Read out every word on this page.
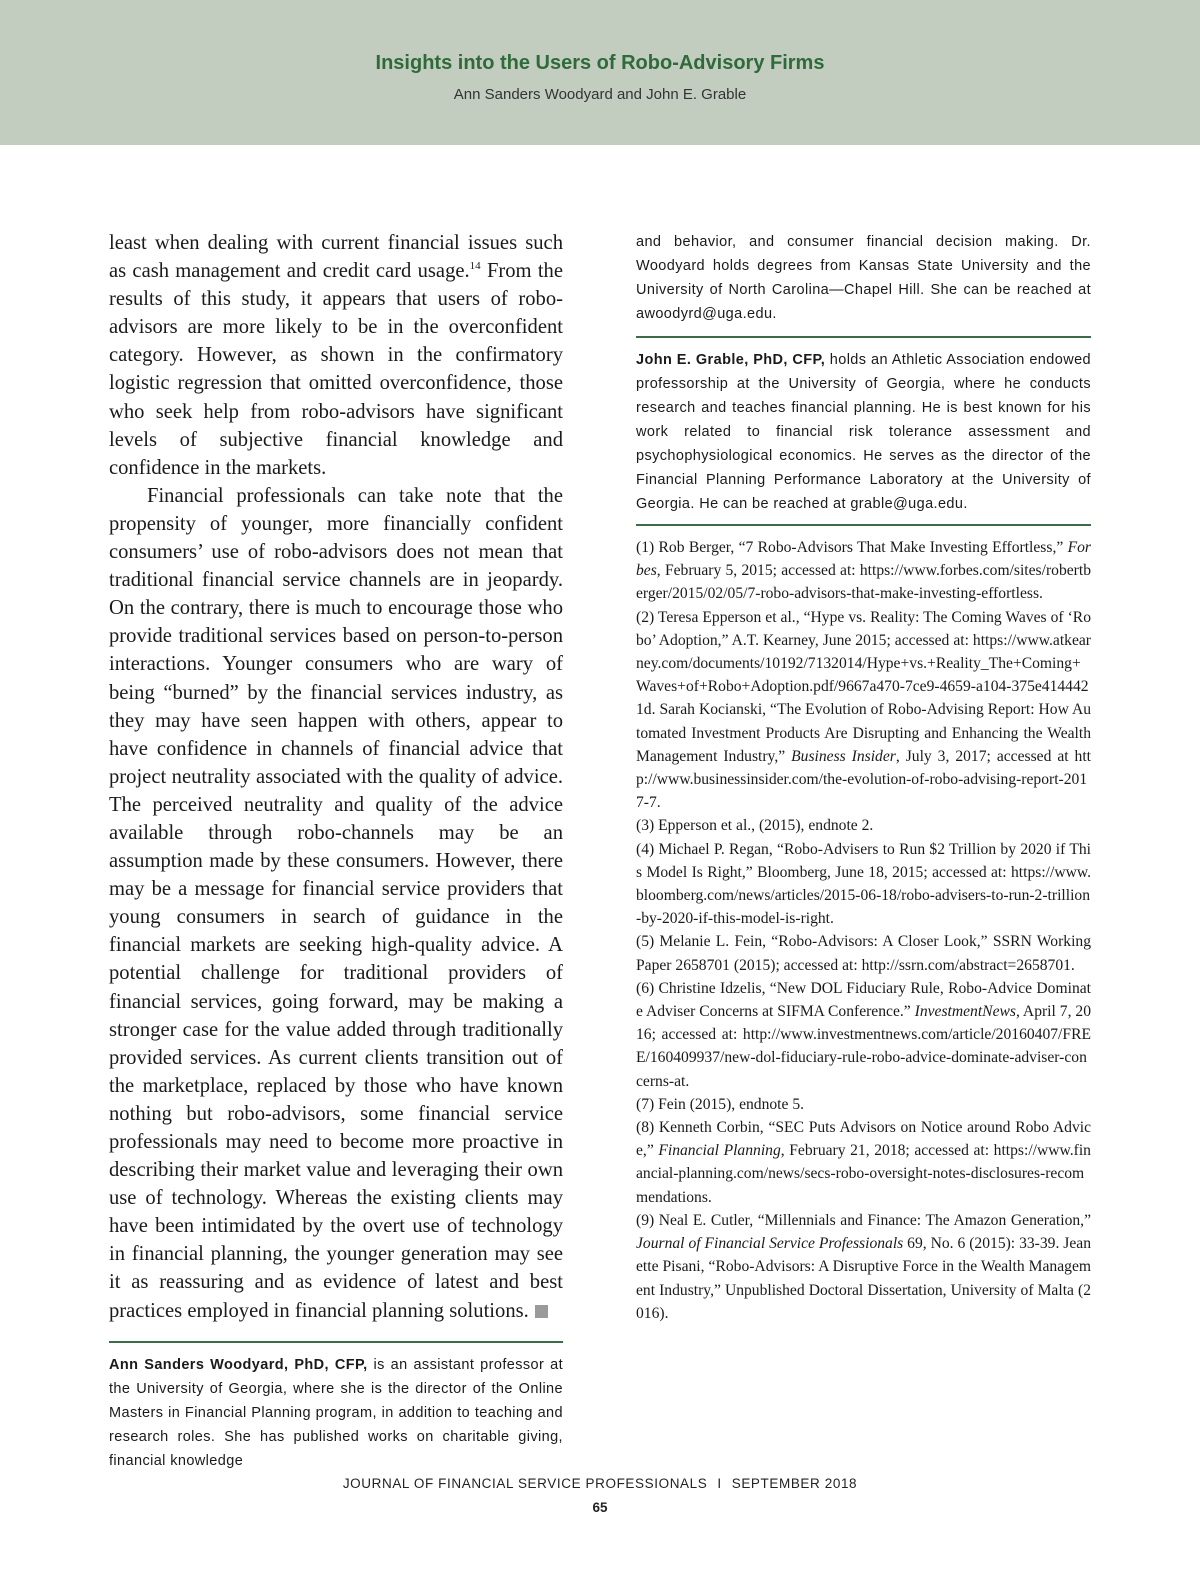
Insights into the Users of Robo-Advisory Firms
Ann Sanders Woodyard and John E. Grable

least when dealing with current financial issues such as cash management and credit card usage.$^{14}$ From the results of this study, it appears that users of robo-advisors are more likely to be in the overconfident category. However, as shown in the confirmatory logistic regression that omitted overconfidence, those who seek help from robo-advisors have significant levels of subjective financial knowledge and confidence in the markets.

Financial professionals can take note that the propensity of younger, more financially confident consumers’ use of robo-advisors does not mean that traditional financial service channels are in jeopardy. On the contrary, there is much to encourage those who provide traditional services based on person-to-person interactions. Younger consumers who are wary of being “burned” by the financial services industry, as they may have seen happen with others, appear to have confidence in channels of financial advice that project neutrality associated with the quality of advice. The perceived neutrality and quality of the advice available through robo-channels may be an assumption made by these consumers. However, there may be a message for financial service providers that young consumers in search of guidance in the financial markets are seeking high-quality advice. A potential challenge for traditional providers of financial services, going forward, may be making a stronger case for the value added through traditionally provided services. As current clients transition out of the marketplace, replaced by those who have known nothing but robo-advisors, some financial service professionals may need to become more proactive in describing their market value and leveraging their own use of technology. Whereas the existing clients may have been intimidated by the overt use of technology in financial planning, the younger generation may see it as reassuring and as evidence of latest and best practices employed in financial planning solutions.

Ann Sanders Woodyard, PhD, CFP, is an assistant professor at the University of Georgia, where she is the director of the Online Masters in Financial Planning program, in addition to teaching and research roles. She has published works on charitable giving, financial knowledge

and behavior, and consumer financial decision making. Dr. Woodyard holds degrees from Kansas State University and the University of North Carolina—Chapel Hill. She can be reached at awoodyrd@uga.edu.

John E. Grable, PhD, CFP, holds an Athletic Association endowed professorship at the University of Georgia, where he conducts research and teaches financial planning. He is best known for his work related to financial risk tolerance assessment and psychophysiological economics. He serves as the director of the Financial Planning Performance Laboratory at the University of Georgia. He can be reached at grable@uga.edu.

(1) Rob Berger, “7 Robo-Advisors That Make Investing Effortless,” Forbes, February 5, 2015; accessed at: https://www.forbes.com/sites/robertberger/2015/02/05/7-robo-advisors-that-make-investing-effortless.

(2) Teresa Epperson et al., “Hype vs. Reality: The Coming Waves of ‘Robo’ Adoption,” A.T. Kearney, June 2015; accessed at: https://www.atkearney.com/documents/10192/7132014/Hype+vs.+Reality_The+Coming+Waves+of+Robo+Adoption.pdf/9667a470-7ce9-4659-a104-375e4144421d. Sarah Kocianski, “The Evolution of Robo-Advising Report: How Automated Investment Products Are Disrupting and Enhancing the Wealth Management Industry,” Business Insider, July 3, 2017; accessed at http://www.businessinsider.com/the-evolution-of-robo-advising-report-2017-7.

(3) Epperson et al., (2015), endnote 2.

(4) Michael P. Regan, “Robo-Advisers to Run $2 Trillion by 2020 if This Model Is Right,” Bloomberg, June 18, 2015; accessed at: https://www.bloomberg.com/news/articles/2015-06-18/robo-advisers-to-run-2-trillion-by-2020-if-this-model-is-right.

(5) Melanie L. Fein, “Robo-Advisors: A Closer Look,” SSRN Working Paper 2658701 (2015); accessed at: http://ssrn.com/abstract=2658701.

(6) Christine Idzelis, “New DOL Fiduciary Rule, Robo-Advice Dominate Adviser Concerns at SIFMA Conference.” InvestmentNews, April 7, 2016; accessed at: http://www.investmentnews.com/article/20160407/FREE/160409937/new-dol-fiduciary-rule-robo-advice-dominate-adviser-concerns-at.

(7) Fein (2015), endnote 5.

(8) Kenneth Corbin, “SEC Puts Advisors on Notice around Robo Advice,” Financial Planning, February 21, 2018; accessed at: https://www.financial-planning.com/news/secs-robo-oversight-notes-disclosures-recommendations.

(9) Neal E. Cutler, “Millennials and Finance: The Amazon Generation,” Journal of Financial Service Professionals 69, No. 6 (2015): 33-39. Jeanette Pisani, “Robo-Advisors: A Disruptive Force in the Wealth Management Industry,” Unpublished Doctoral Dissertation, University of Malta (2016).

JOURNAL OF FINANCIAL SERVICE PROFESSIONALS I SEPTEMBER 2018
65
